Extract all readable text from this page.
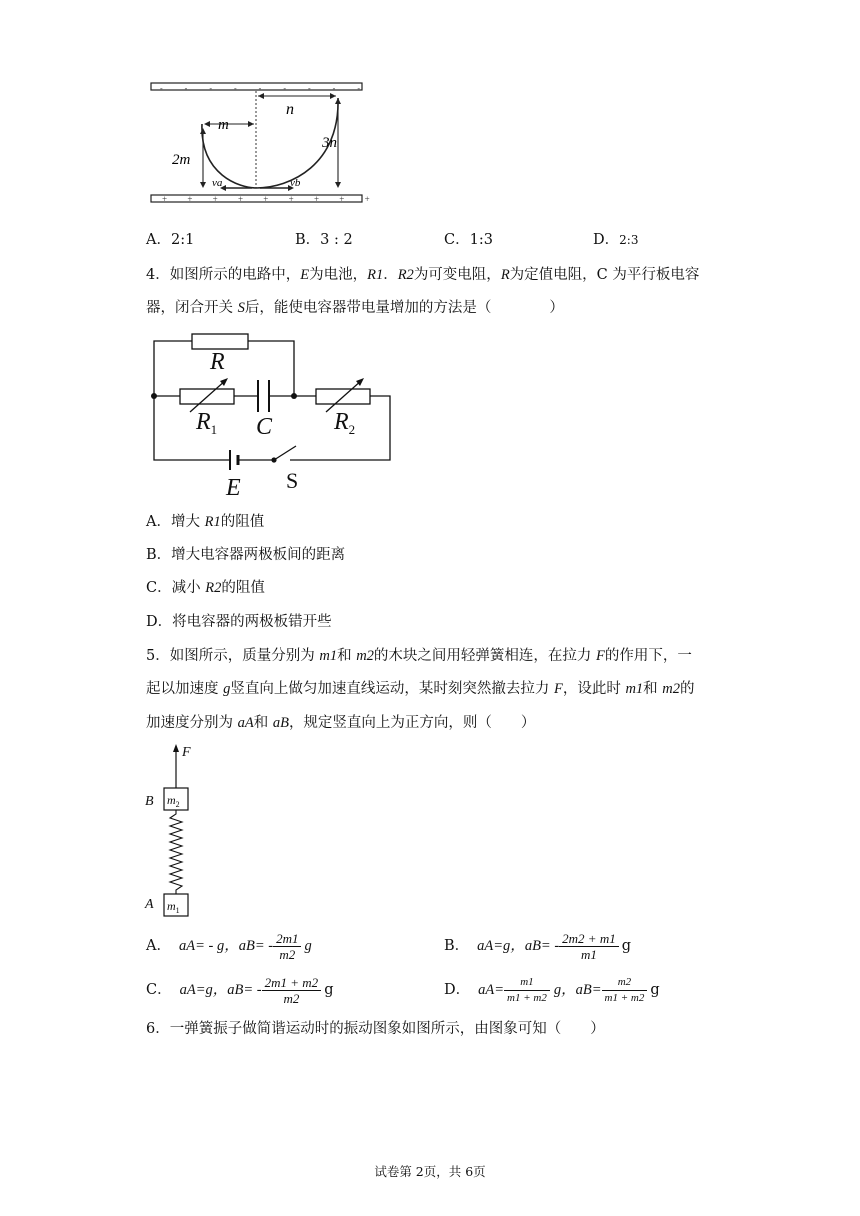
- - - - - - - - -
+ + + + + + + + +
m
n
2m
3n
va	vb
A．2:1	B．3 : 2	C．1:3	D．2:3
4．如图所示的电路中，E为电池，R1．R2为可变电阻，R为定值电阻，C 为平行板电容
器，闭合开关 S后，能使电容器带电量增加的方法是（　　　　）
R
$R_1$ C	$R_2$
E S
A．增大 R1的阻值
B．增大电容器两极板间的距离
C．减小 R2的阻值
D．将电容器的两极板错开些
5．如图所示，质量分别为 m1和 m2的木块之间用轻弹簧相连，在拉力 F的作用下，一
起以加速度 g竖直向上做匀加速直线运动，某时刻突然撤去拉力 F，设此时 m1和 m2的
加速度分别为 aA和 aB，规定竖直向上为正方向，则（　　）
F
$m_2$
B
$m_1$
A
A． aA= - g， $aB= - \frac{2m1}{m2}$ g	B． aA=g， $aB= - \frac{2m2 + m1}{m1}$ g
C． aA=g， $aB= - \frac{2m1 + m2}{m2}$ g	D． $aA= \frac{m1}{m1 + m2}$ g，$aB= \frac{m2}{m1 + m2}$ g
6．一弹簧振子做简谐运动时的振动图象如图所示，由图象可知（　　）
试卷第 2页，共 6页
